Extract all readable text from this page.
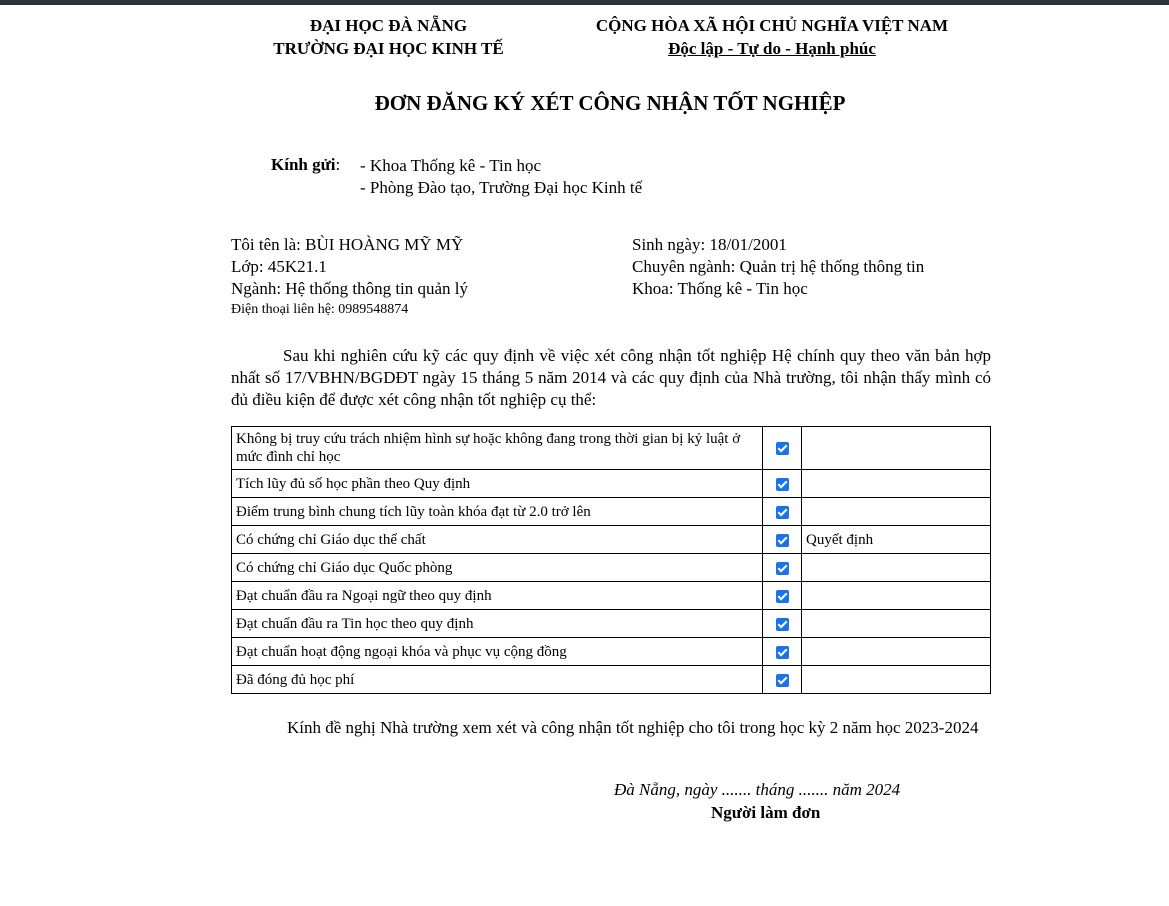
ĐẠI HỌC ĐÀ NẴNG
TRƯỜNG ĐẠI HỌC KINH TẾ
CỘNG HÒA XÃ HỘI CHỦ NGHĨA VIỆT NAM
Độc lập - Tự do - Hạnh phúc
ĐƠN ĐĂNG KÝ XÉT CÔNG NHẬN TỐT NGHIỆP
Kính gửi: - Khoa Thống kê - Tin học
- Phòng Đào tạo, Trường Đại học Kinh tế
Tôi tên là: BÙI HOÀNG MỸ MỸ
Lớp: 45K21.1
Ngành: Hệ thống thông tin quản lý
Điện thoại liên hệ: 0989548874
Sinh ngày: 18/01/2001
Chuyên ngành: Quản trị hệ thống thông tin
Khoa: Thống kê - Tin học
Sau khi nghiên cứu kỹ các quy định về việc xét công nhận tốt nghiệp Hệ chính quy theo văn bản hợp nhất số 17/VBHN/BGDĐT ngày 15 tháng 5 năm 2014 và các quy định của Nhà trường, tôi nhận thấy mình có đủ điều kiện để được xét công nhận tốt nghiệp cụ thể:
Không bị truy cứu trách nhiệm hình sự hoặc không đang trong thời gian bị kỷ luật ở mức đình chỉ học		
Tích lũy đủ số học phần theo Quy định		
Điểm trung bình chung tích lũy toàn khóa đạt từ 2.0 trở lên		
Có chứng chỉ Giáo dục thể chất		Quyết định
Có chứng chỉ Giáo dục Quốc phòng		
Đạt chuẩn đầu ra Ngoại ngữ theo quy định		
Đạt chuẩn đầu ra Tin học theo quy định		
Đạt chuẩn hoạt động ngoại khóa và phục vụ cộng đồng		
Đã đóng đủ học phí		
Kính đề nghị Nhà trường xem xét và công nhận tốt nghiệp cho tôi trong học kỳ 2 năm học 2023-2024
Đà Nẵng, ngày ....... tháng ....... năm 2024
Người làm đơn
